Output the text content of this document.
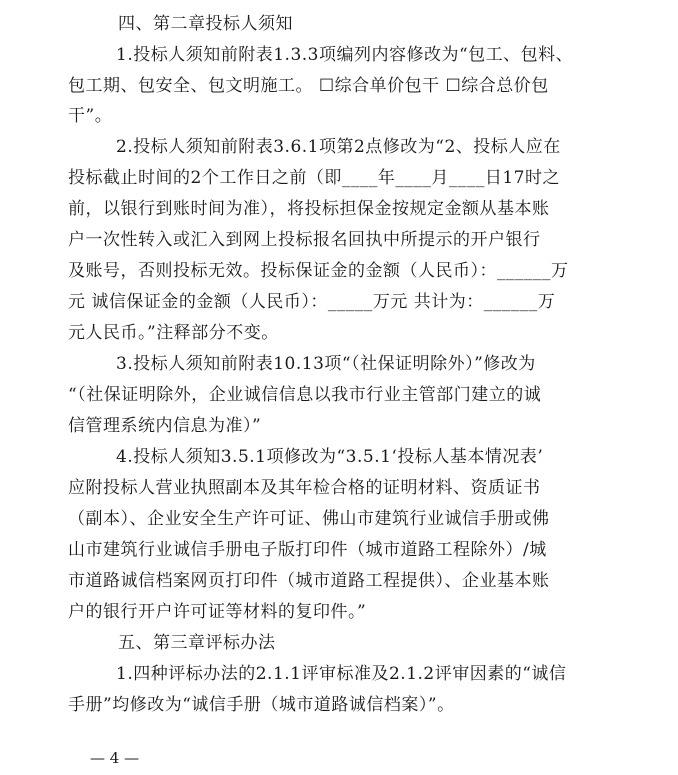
四、第二章投标人须知
1.投标人须知前附表1.3.3项编列内容修改为“包工、包料、
包工期、包安全、包文明施工。 ☐综合单价包干 ☐综合总价包
干”。
2.投标人须知前附表3.6.1项第2点修改为“2、投标人应在
投标截止时间的2个工作日之前（即____年____月____日17时之
前，以银行到账时间为准），将投标担保金按规定金额从基本账
户一次性转入或汇入到网上投标报名回执中所提示的开户银行
及账号，否则投标无效。投标保证金的金额（人民币）：______万
元 诚信保证金的金额（人民币）：_____万元 共计为：______万
元人民币。”注释部分不变。
3.投标人须知前附表10.13项“（社保证明除外）”修改为
“（社保证明除外，企业诚信信息以我市行业主管部门建立的诚
信管理系统内信息为准）”
4.投标人须知3.5.1项修改为“3.5.1‘投标人基本情况表’
应附投标人营业执照副本及其年检合格的证明材料、资质证书
（副本）、企业安全生产许可证、佛山市建筑行业诚信手册或佛
山市建筑行业诚信手册电子版打印件（城市道路工程除外）/城
市道路诚信档案网页打印件（城市道路工程提供）、企业基本账
户的银行开户许可证等材料的复印件。”
五、第三章评标办法
1.四种评标办法的2.1.1评审标准及2.1.2评审因素的“诚信
手册”均修改为“诚信手册（城市道路诚信档案）”。
— 4 —
